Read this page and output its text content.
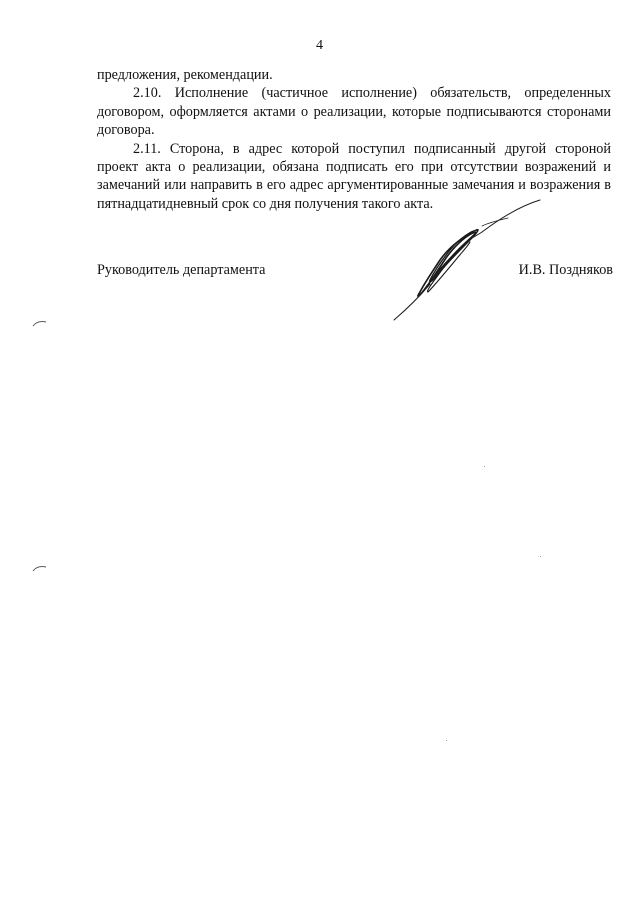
4

предложения, рекомендации.

2.10. Исполнение (частичное исполнение) обязательств, определенных договором, оформляется актами о реализации, которые подписываются сторонами договора.

2.11. Сторона, в адрес которой поступил подписанный другой стороной проект акта о реализации, обязана подписать его при отсутствии возражений и замечаний или направить в его адрес аргументированные замечания и возражения в пятнадцатидневный срок со дня получения такого акта.

Руководитель департамента	И.В. Поздняков
